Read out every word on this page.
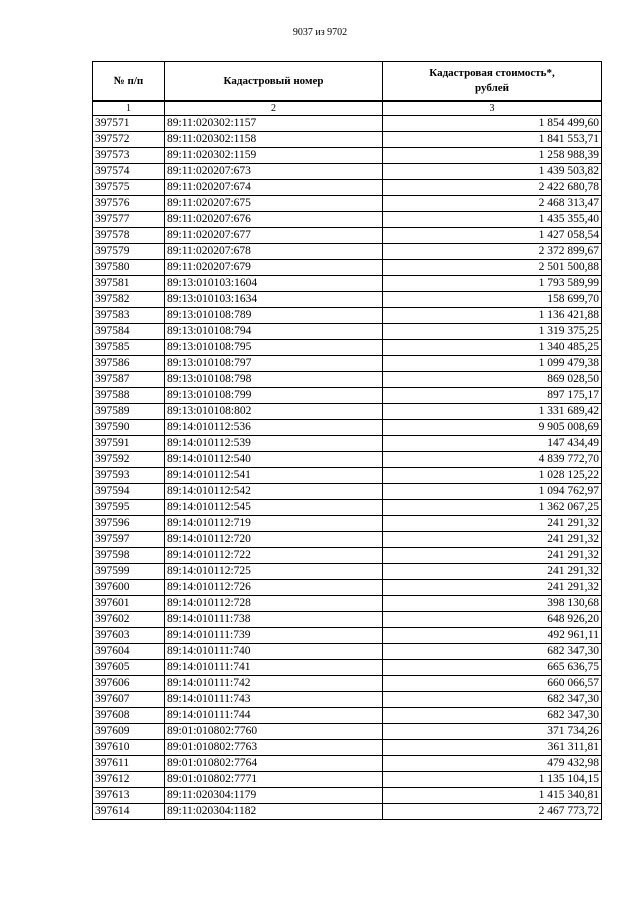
9037 из 9702
№ п/п	Кадастровый номер	Кадастровая стоимость*,
рублей
1	2	3
397571	89:11:020302:1157	1 854 499,60
397572	89:11:020302:1158	1 841 553,71
397573	89:11:020302:1159	1 258 988,39
397574	89:11:020207:673	1 439 503,82
397575	89:11:020207:674	2 422 680,78
397576	89:11:020207:675	2 468 313,47
397577	89:11:020207:676	1 435 355,40
397578	89:11:020207:677	1 427 058,54
397579	89:11:020207:678	2 372 899,67
397580	89:11:020207:679	2 501 500,88
397581	89:13:010103:1604	1 793 589,99
397582	89:13:010103:1634	158 699,70
397583	89:13:010108:789	1 136 421,88
397584	89:13:010108:794	1 319 375,25
397585	89:13:010108:795	1 340 485,25
397586	89:13:010108:797	1 099 479,38
397587	89:13:010108:798	869 028,50
397588	89:13:010108:799	897 175,17
397589	89:13:010108:802	1 331 689,42
397590	89:14:010112:536	9 905 008,69
397591	89:14:010112:539	147 434,49
397592	89:14:010112:540	4 839 772,70
397593	89:14:010112:541	1 028 125,22
397594	89:14:010112:542	1 094 762,97
397595	89:14:010112:545	1 362 067,25
397596	89:14:010112:719	241 291,32
397597	89:14:010112:720	241 291,32
397598	89:14:010112:722	241 291,32
397599	89:14:010112:725	241 291,32
397600	89:14:010112:726	241 291,32
397601	89:14:010112:728	398 130,68
397602	89:14:010111:738	648 926,20
397603	89:14:010111:739	492 961,11
397604	89:14:010111:740	682 347,30
397605	89:14:010111:741	665 636,75
397606	89:14:010111:742	660 066,57
397607	89:14:010111:743	682 347,30
397608	89:14:010111:744	682 347,30
397609	89:01:010802:7760	371 734,26
397610	89:01:010802:7763	361 311,81
397611	89:01:010802:7764	479 432,98
397612	89:01:010802:7771	1 135 104,15
397613	89:11:020304:1179	1 415 340,81
397614	89:11:020304:1182	2 467 773,72
